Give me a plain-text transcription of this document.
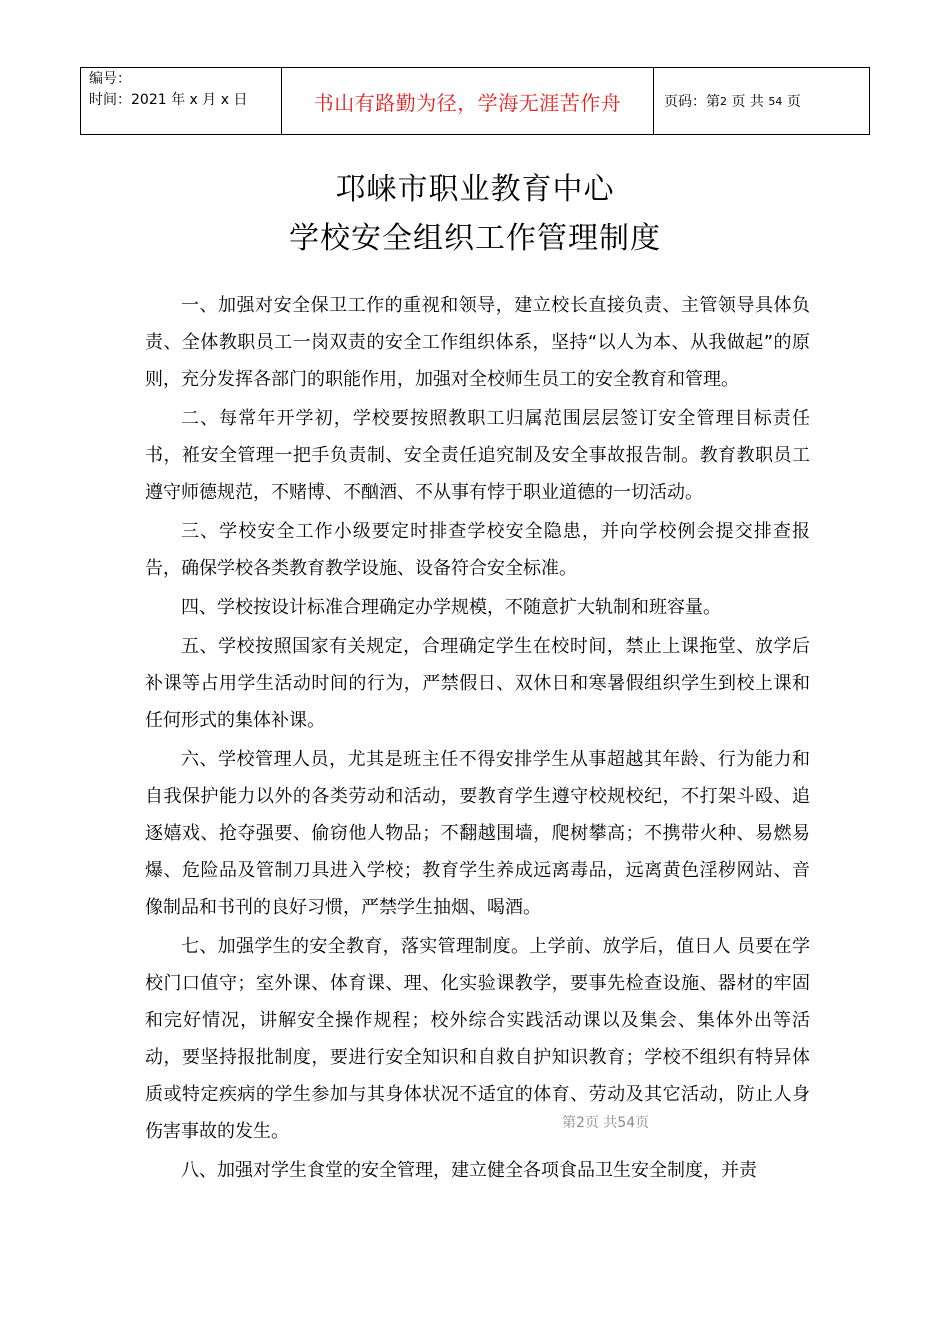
编号：
时间：2021 年 x 月 x 日	书山有路勤为径，学海无涯苦作舟	页码：第 2
页 共
54
页
邛崃市职业教育中心
学校安全组织工作管理制度

一、加强对安全保卫工作的重视和领导，建立校长直接负责、主管领导具体负责、全体教职员工一岗双责的安全工作组织体系，坚持“以人为本、从我做起”的原则，充分发挥各部门的职能作用，加强对全校师生员工的安全教育和管理。

二、每常年开学初，学校要按照教职工归属范围层层签订安全管理目标责任书，袵安全管理一把手负责制、安全责任追究制及安全事故报告制。教育教职员工遵守师德规范，不赌博、不酗酒、不从事有悖于职业道德的一切活动。

三、学校安全工作小级要定时排查学校安全隐患，并向学校例会提交排查报告，确保学校各类教育教学设施、设备符合安全标准。

四、学校按设计标准合理确定办学规模，不随意扩大轨制和班容量。

五、学校按照国家有关规定，合理确定学生在校时间，禁止上课拖堂、放学后补课等占用学生活动时间的行为，严禁假日、双休日和寒暑假组织学生到校上课和任何形式的集体补课。

六、学校管理人员，尤其是班主任不得安排学生从事超越其年龄、行为能力和自我保护能力以外的各类劳动和活动，要教育学生遵守校规校纪，不打架斗殴、追逐嬉戏、抢夺强要、偷窃他人物品；不翻越围墙，爬树攀高；不携带火种、易燃易爆、危险品及管制刀具进入学校；教育学生养成远离毒品，远离黄色淫秽网站、音像制品和书刊的良好习惯，严禁学生抽烟、喝酒。

七、加强学生的安全教育，落实管理制度。上学前、放学后，值日人 员要在学校门口值守；室外课、体育课、理、化实验课教学，要事先检查设施、器材的牢固和完好情况，讲解安全操作规程；校外综合实践活动课以及集会、集体外出等活动，要坚持报批制度，要进行安全知识和自救自护知识教育；学校不组织有特异体质或特定疾病的学生参加与其身体状况不适宜的体育、劳动及其它活动，防止人身伤害事故的发生。

八、加强对学生食堂的安全管理，建立健全各项食品卫生安全制度，并责

第2页 共54页
